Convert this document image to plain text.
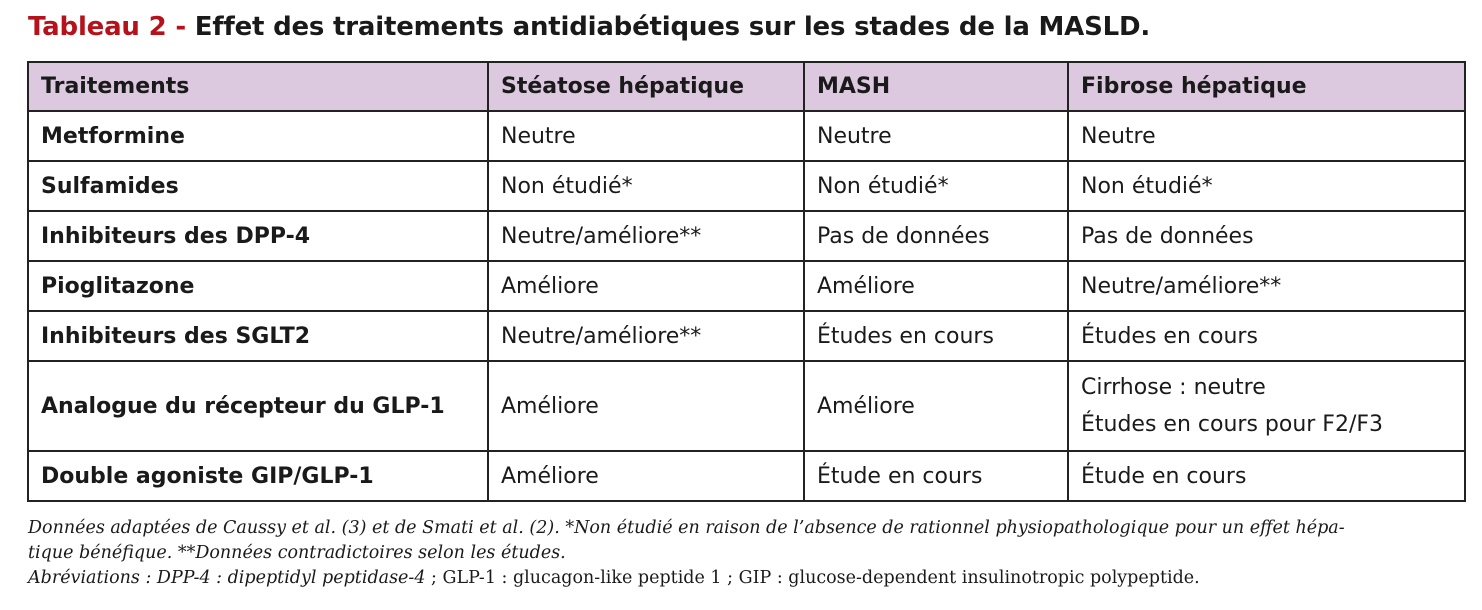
Tableau 2 - Effet des traitements antidiabétiques sur les stades de la MASLD.
Traitements	Stéatose hépatique	MASH	Fibrose hépatique
Metformine	Neutre	Neutre	Neutre
Sulfamides	Non étudié*	Non étudié*	Non étudié*
Inhibiteurs des DPP-4	Neutre/améliore**	Pas de données	Pas de données
Pioglitazone	Améliore	Améliore	Neutre/améliore**
Inhibiteurs des SGLT2	Neutre/améliore**	Études en cours	Études en cours
Analogue du récepteur du GLP-1	Améliore	Améliore	Cirrhose : neutre
Études en cours pour F2/F3

Double agoniste GIP/GLP-1	Améliore	Étude en cours	Étude en cours
Données adaptées de Caussy et al. (3) et de Smati et al. (2). *Non étudié en raison de l’absence de rationnel physiopathologique pour un effet hépa-
tique bénéfique. **Données contradictoires selon les études.
Abréviations : DPP-4 : dipeptidyl peptidase-4 ; GLP-1 : glucagon-like peptide 1 ; GIP : glucose-dependent insulinotropic polypeptide.
